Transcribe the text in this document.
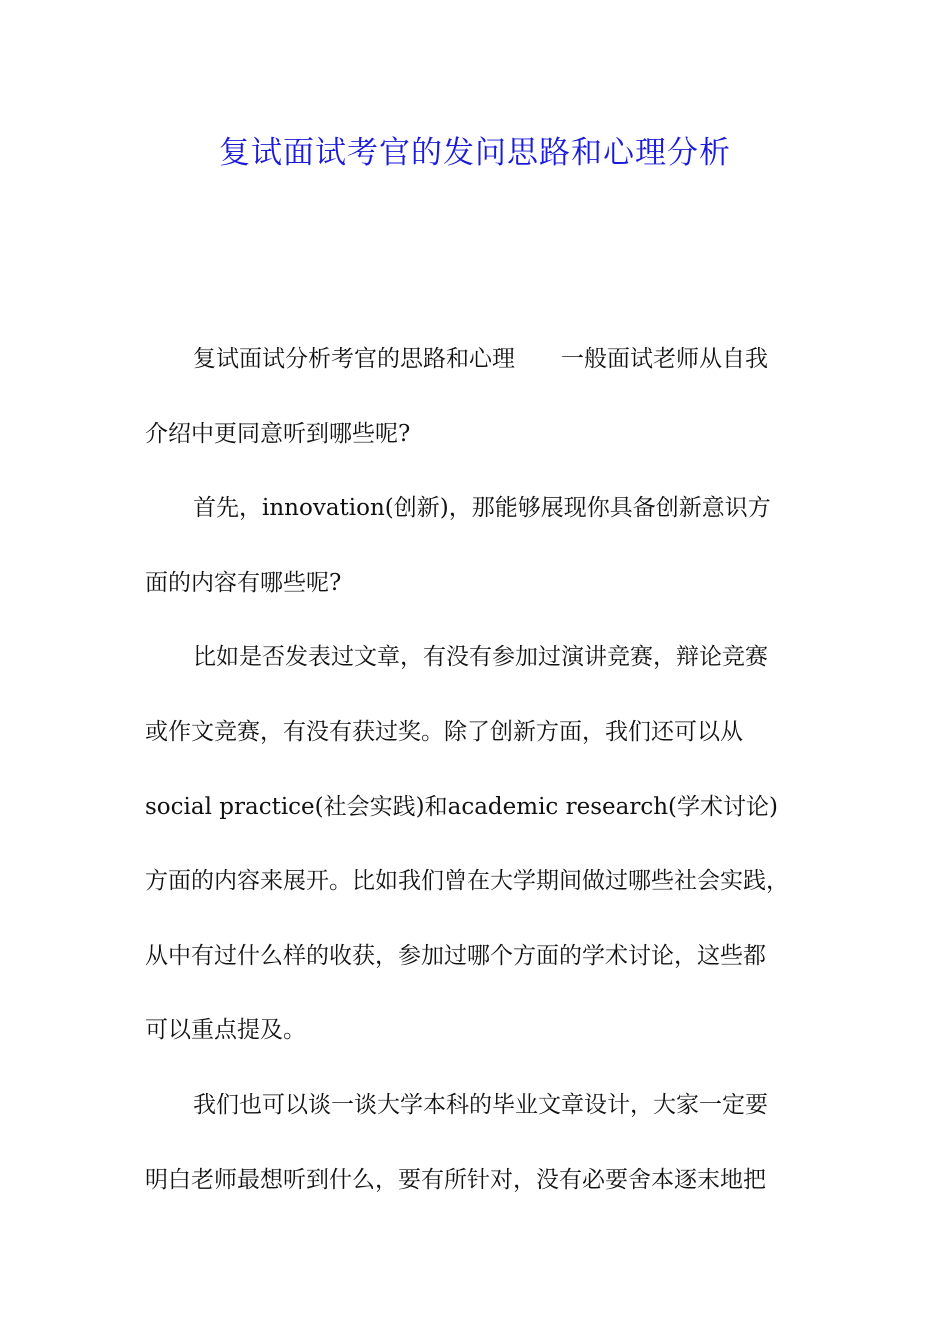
复试面试考官的发问思路和心理分析

复试面试分析考官的思路和心理　　一般面试老师从自我
介绍中更同意听到哪些呢?

首先，innovation(创新)，那能够展现你具备创新意识方
面的内容有哪些呢?

比如是否发表过文章，有没有参加过演讲竞赛，辩论竞赛
或作文竞赛，有没有获过奖。除了创新方面，我们还可以从
social practice(社会实践)和academic research(学术讨论)
方面的内容来展开。比如我们曾在大学期间做过哪些社会实践，
从中有过什么样的收获，参加过哪个方面的学术讨论，这些都
可以重点提及。

我们也可以谈一谈大学本科的毕业文章设计，大家一定要
明白老师最想听到什么，要有所针对，没有必要舍本逐末地把
